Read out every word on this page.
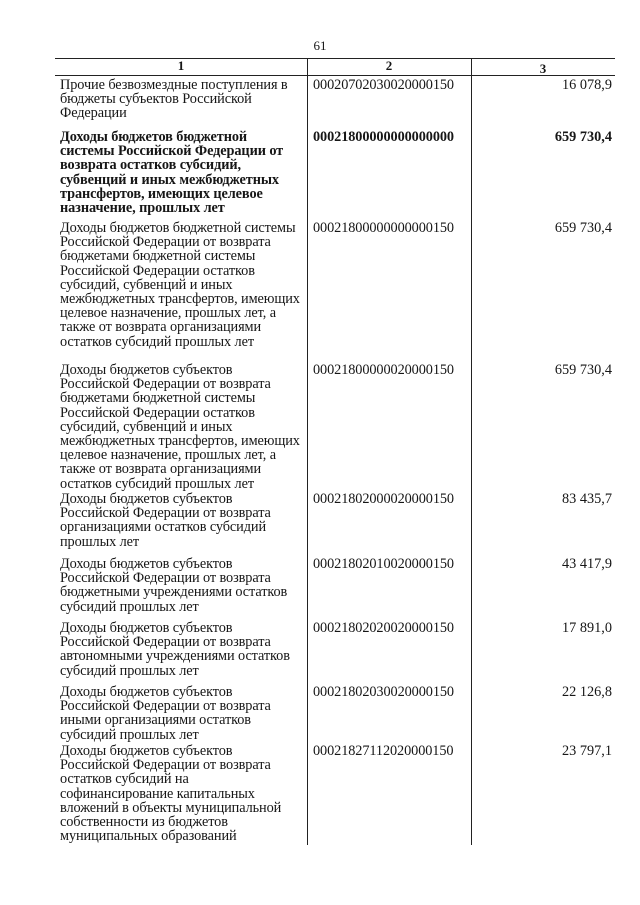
61
1	2	3
Прочие безвозмездные поступления в бюджеты субъектов Российской Федерации
00020702030020000150	16 078,9
Доходы бюджетов бюджетной системы Российской Федерации от возврата остатков субсидий, субвенций и иных межбюджетных трансфертов, имеющих целевое назначение, прошлых лет
00021800000000000000	659 730,4
Доходы бюджетов бюджетной системы Российской Федерации от возврата бюджетами бюджетной системы Российской Федерации остатков субсидий, субвенций и иных межбюджетных трансфертов, имеющих целевое назначение, прошлых лет, а также от возврата организациями остатков субсидий прошлых лет
00021800000000000150	659 730,4
Доходы бюджетов субъектов Российской Федерации от возврата бюджетами бюджетной системы Российской Федерации остатков субсидий, субвенций и иных межбюджетных трансфертов, имеющих целевое назначение, прошлых лет, а также от возврата организациями остатков субсидий прошлых лет
00021800000020000150	659 730,4
Доходы бюджетов субъектов Российской Федерации от возврата организациями остатков субсидий прошлых лет
00021802000020000150	83 435,7
Доходы бюджетов субъектов Российской Федерации от возврата бюджетными учреждениями остатков субсидий прошлых лет
00021802010020000150	43 417,9
Доходы бюджетов субъектов Российской Федерации от возврата автономными учреждениями остатков субсидий прошлых лет
00021802020020000150	17 891,0
Доходы бюджетов субъектов Российской Федерации от возврата иными организациями остатков субсидий прошлых лет
00021802030020000150	22 126,8
Доходы бюджетов субъектов Российской Федерации от возврата остатков субсидий на софинансирование капитальных вложений в объекты муниципальной собственности из бюджетов муниципальных образований
00021827112020000150	23 797,1
